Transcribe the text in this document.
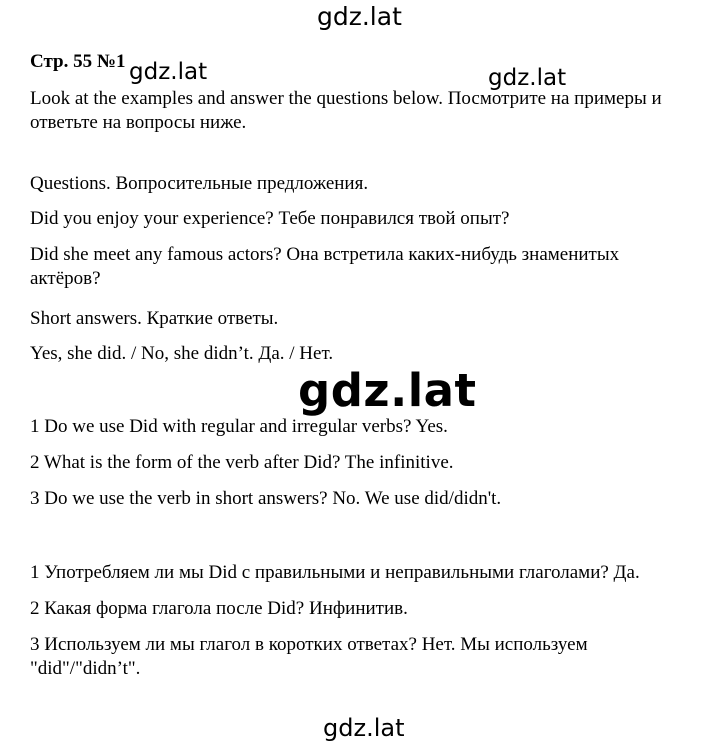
Стр. 55 №1
Look at the examples and answer the questions below. Посмотрите на примеры и ответьте на вопросы ниже.
Questions. Вопросительные предложения.
Did you enjoy your experience? Тебе понравился твой опыт?
Did she meet any famous actors? Она встретила каких-нибудь знаменитых актёров?
Short answers. Краткие ответы.
Yes, she did. / No, she didn’t. Да. / Нет.
1 Do we use Did with regular and irregular verbs? Yes.
2 What is the form of the verb after Did? The infinitive.
3 Do we use the verb in short answers? No. We use did/didn't.
1 Употребляем ли мы Did с правильными и неправильными глаголами? Да.
2 Какая форма глагола после Did? Инфинитив.
3 Используем ли мы глагол в коротких ответах? Нет. Мы используем "did"/"didn’t".
gdz.lat
gdz.lat	gdz.lat
gdz.lat
gdz.lat
